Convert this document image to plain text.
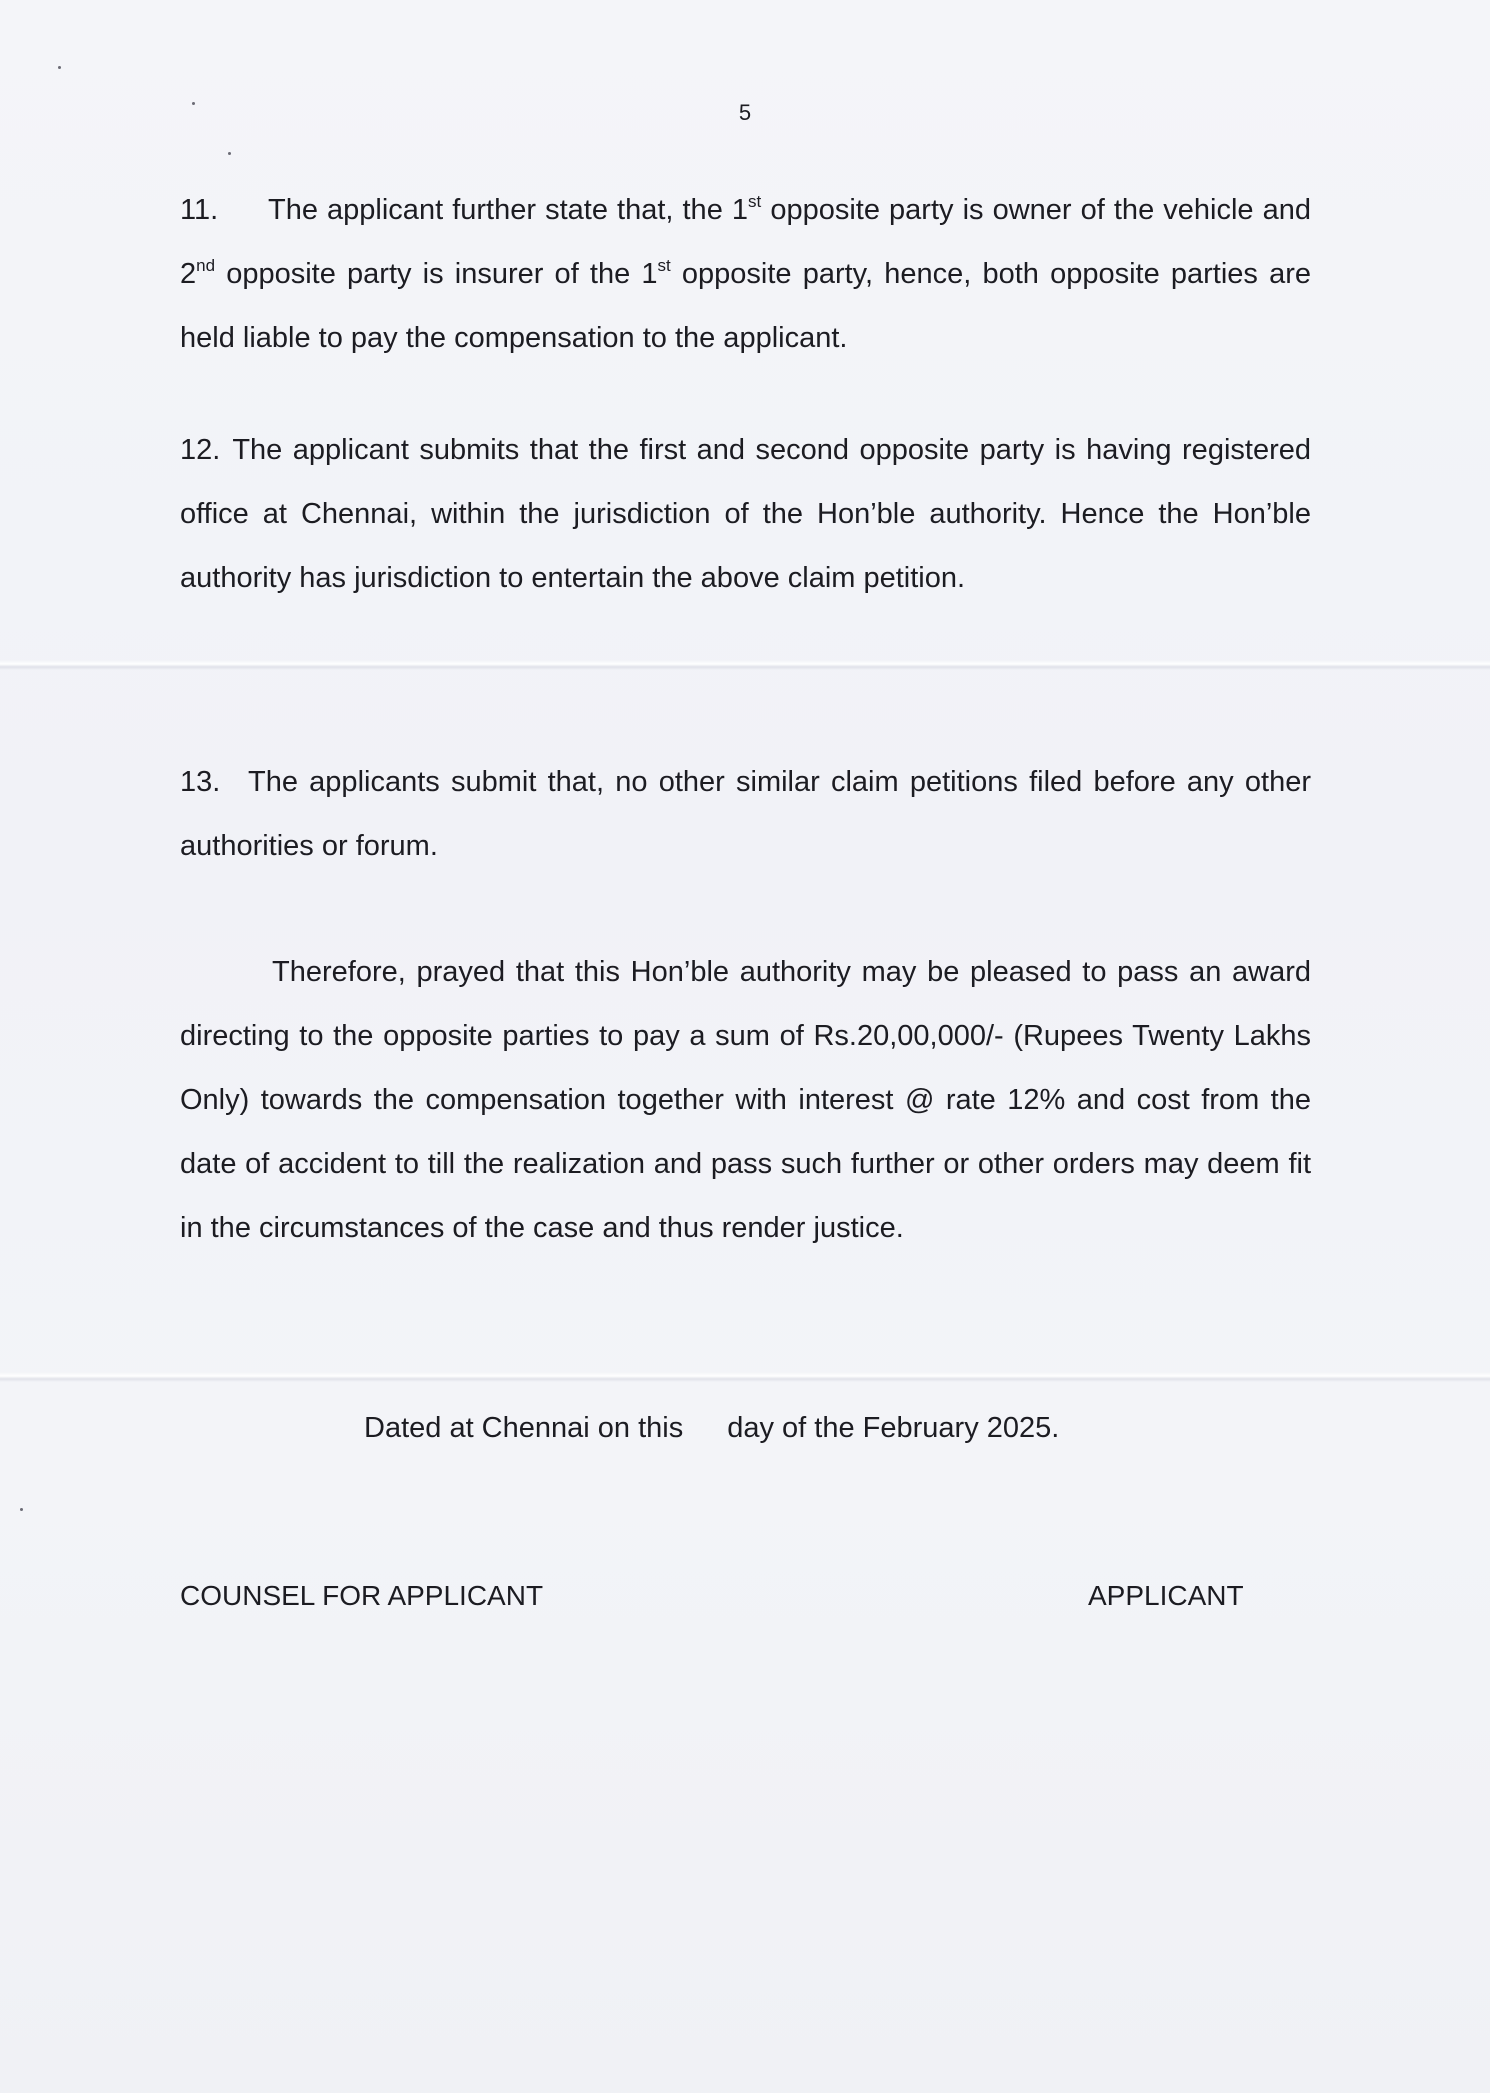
5

11. The applicant further state that, the 1st opposite party is owner of the vehicle and 2nd opposite party is insurer of the 1st opposite party, hence, both opposite parties are held liable to pay the compensation to the applicant.

12. The applicant submits that the first and second opposite party is having registered office at Chennai, within the jurisdiction of the Hon’ble authority. Hence the Hon’ble authority has jurisdiction to entertain the above claim petition.

13. The applicants submit that, no other similar claim petitions filed before any other authorities or forum.

Therefore, prayed that this Hon’ble authority may be pleased to pass an award directing to the opposite parties to pay a sum of Rs.20,00,000/- (Rupees Twenty Lakhs Only) towards the compensation together with interest @ rate 12% and cost from the date of accident to till the realization and pass such further or other orders may deem fit in the circumstances of the case and thus render justice.

Dated at Chennai on this day of the February 2025.
COUNSEL FOR APPLICANT	APPLICANT
